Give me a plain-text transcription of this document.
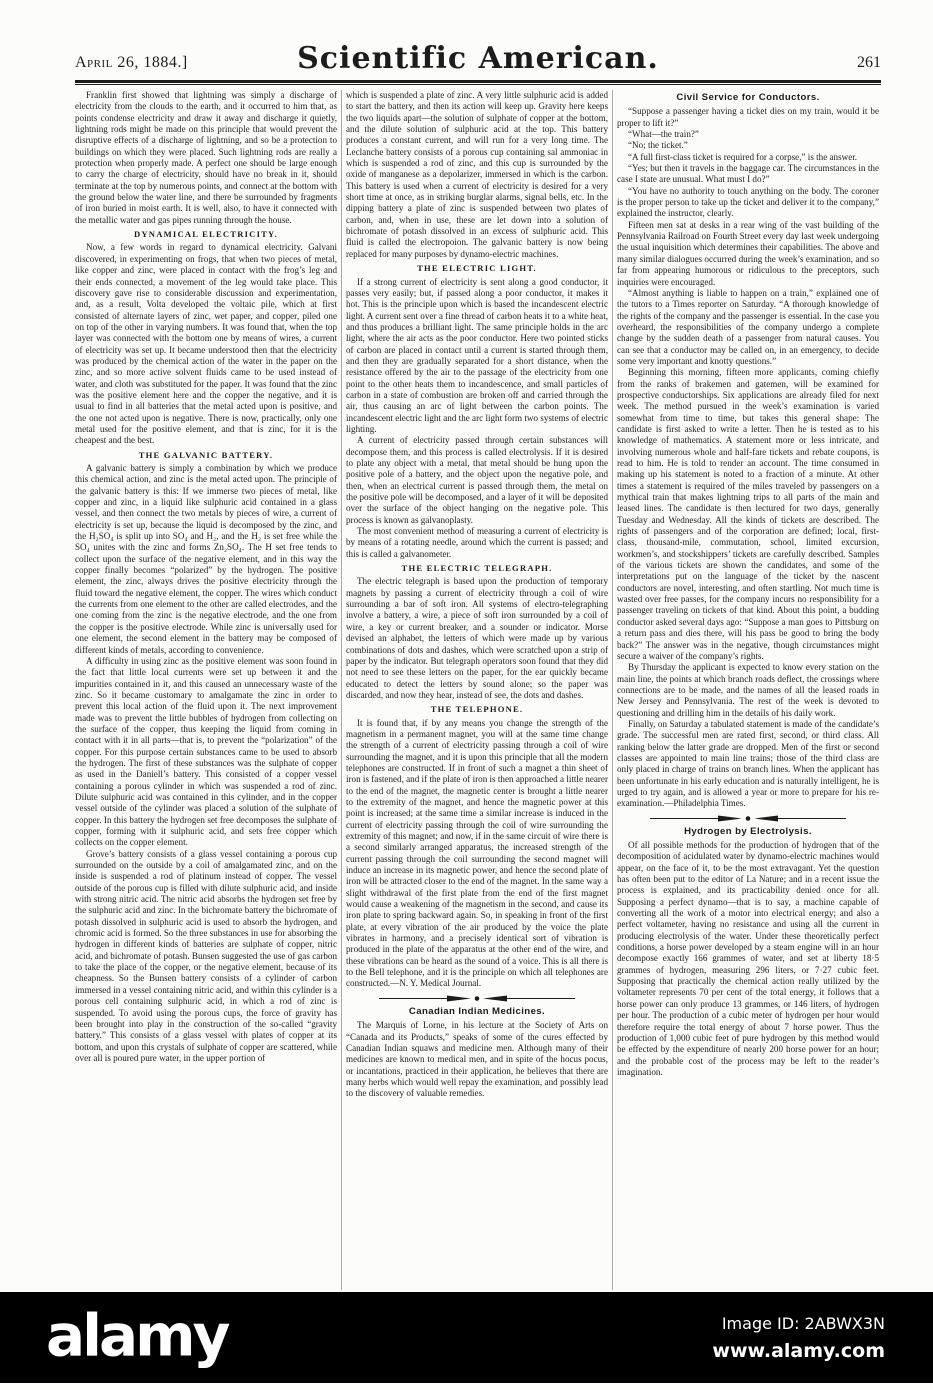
April 26, 1884.]	Scientific American.	261
Franklin first showed that lightning was simply a discharge of electricity from the clouds to the earth, and it occurred to him that, as points condense electricity and draw it away and discharge it quietly, lightning rods might be made on this principle that would prevent the disruptive effects of a discharge of lightning, and so be a protection to buildings on which they were placed. Such lightning rods are really a protection when properly made. A perfect one should be large enough to carry the charge of electricity, should have no break in it, should terminate at the top by numerous points, and connect at the bottom with the ground below the water line, and there be surrounded by fragments of iron buried in moist earth. It is well, also, to have it connected with the metallic water and gas pipes running through the house.
DYNAMICAL ELECTRICITY.
Now, a few words in regard to dynamical electricity. Galvani discovered, in experimenting on frogs, that when two pieces of metal, like copper and zinc, were placed in contact with the frog’s leg and their ends connected, a movement of the leg would take place. This discovery gave rise to considerable discussion and experimentation, and, as a result, Volta developed the voltaic pile, which at first consisted of alternate layers of zinc, wet paper, and copper, piled one on top of the other in varying numbers. It was found that, when the top layer was connected with the bottom one by means of wires, a current of electricity was set up. It became understood then that the electricity was produced by the chemical action of the water in the paper on the zinc, and so more active solvent fluids came to be used instead of water, and cloth was substituted for the paper. It was found that the zinc was the positive element here and the copper the negative, and it is usual to find in all batteries that the metal acted upon is positive, and the one not acted upon is negative. There is now, practically, only one metal used for the positive element, and that is zinc, for it is the cheapest and the best.
THE GALVANIC BATTERY.
A galvanic battery is simply a combination by which we produce this chemical action, and zinc is the metal acted upon. The principle of the galvanic battery is this: If we immerse two pieces of metal, like copper and zinc, in a liquid like sulphuric acid contained in a glass vessel, and then connect the two metals by pieces of wire, a current of electricity is set up, because the liquid is decomposed by the zinc, and the H₂SO₄ is split up into SO₄ and H₂, and the H₂ is set free while the SO₄ unites with the zinc and forms Zn₂SO₄. The H set free tends to collect upon the surface of the negative element, and in this way the copper finally becomes “polarized” by the hydrogen. The positive element, the zinc, always drives the positive electricity through the fluid toward the negative element, the copper. The wires which conduct the currents from one element to the other are called electrodes, and the one coming from the zinc is the negative electrode, and the one from the copper is the positive electrode. While zinc is universally used for one element, the second element in the battery may be composed of different kinds of metals, according to convenience.
A difficulty in using zinc as the positive element was soon found in the fact that little local currents were set up between it and the impurities contained in it, and this caused an unnecessary waste of the zinc. So it became customary to amalgamate the zinc in order to prevent this local action of the fluid upon it. The next improvement made was to prevent the little bubbles of hydrogen from collecting on the surface of the copper, thus keeping the liquid from coming in contact with it in all parts—that is, to prevent the “polarization” of the copper. For this purpose certain substances came to be used to absorb the hydrogen. The first of these substances was the sulphate of copper as used in the Daniell’s battery. This consisted of a copper vessel containing a porous cylinder in which was suspended a rod of zinc. Dilute sulphuric acid was contained in this cylinder, and in the copper vessel outside of the cylinder was placed a solution of the sulphate of copper. In this battery the hydrogen set free decomposes the sulphate of copper, forming with it sulphuric acid, and sets free copper which collects on the copper element.
Grove’s battery consists of a glass vessel containing a porous cup surrounded on the outside by a coil of amalgamated zinc, and on the inside is suspended a rod of platinum instead of copper. The vessel outside of the porous cup is filled with dilute sulphuric acid, and inside with strong nitric acid. The nitric acid absorbs the hydrogen set free by the sulphuric acid and zinc. In the bichromate battery the bichromate of potash dissolved in sulphuric acid is used to absorb the hydrogen, and chromic acid is formed. So the three substances in use for absorbing the hydrogen in different kinds of batteries are sulphate of copper, nitric acid, and bichromate of potash. Bunsen suggested the use of gas carbon to take the place of the copper, or the negative element, because of its cheapness. So the Bunsen battery consists of a cylinder of carbon immersed in a vessel containing nitric acid, and within this cylinder is a porous cell containing sulphuric acid, in which a rod of zinc is suspended. To avoid using the porous cups, the force of gravity has been brought into play in the construction of the so-called “gravity battery.” This consists of a glass vessel with plates of copper at its bottom, and upon this crystals of sulphate of copper are scattered, while over all is poured pure water, in the upper portion of
which is suspended a plate of zinc. A very little sulphuric acid is added to start the battery, and then its action will keep up. Gravity here keeps the two liquids apart—the solution of sulphate of copper at the bottom, and the dilute solution of sulphuric acid at the top. This battery produces a constant current, and will run for a very long time. The Leclanche battery consists of a porous cup containing sal ammoniac in which is suspended a rod of zinc, and this cup is surrounded by the oxide of manganese as a depolarizer, immersed in which is the carbon. This battery is used when a current of electricity is desired for a very short time at once, as in striking burglar alarms, signal bells, etc. In the dipping battery a plate of zinc is suspended between two plates of carbon, and, when in use, these are let down into a solution of bichromate of potash dissolved in an excess of sulphuric acid. This fluid is called the electropoion. The galvanic battery is now being replaced for many purposes by dynamo-electric machines.
THE ELECTRIC LIGHT.
If a strong current of electricity is sent along a good conductor, it passes very easily; but, if passed along a poor conductor, it makes it hot. This is the principle upon which is based the incandescent electric light. A current sent over a fine thread of carbon heats it to a white heat, and thus produces a brilliant light. The same principle holds in the arc light, where the air acts as the poor conductor. Here two pointed sticks of carbon are placed in contact until a current is started through them, and then they are gradually separated for a short distance, when the resistance offered by the air to the passage of the electricity from one point to the other heats them to incandescence, and small particles of carbon in a state of combustion are broken off and carried through the air, thus causing an arc of light between the carbon points. The incandescent electric light and the arc light form two systems of electric lighting.
A current of electricity passed through certain substances will decompose them, and this process is called electrolysis. If it is desired to plate any object with a metal, that metal should be hung upon the positive pole of a battery, and the object upon the negative pole, and then, when an electrical current is passed through them, the metal on the positive pole will be decomposed, and a layer of it will be deposited over the surface of the object hanging on the negative pole. This process is known as galvanoplasty.
The most convenient method of measuring a current of electricity is by means of a rotating needle, around which the current is passed; and this is called a galvanometer.
THE ELECTRIC TELEGRAPH.
The electric telegraph is based upon the production of temporary magnets by passing a current of electricity through a coil of wire surrounding a bar of soft iron. All systems of electro-telegraphing involve a battery, a wire, a piece of soft iron surrounded by a coil of wire, a key or current breaker, and a sounder or indicator. Morse devised an alphabet, the letters of which were made up by various combinations of dots and dashes, which were scratched upon a strip of paper by the indicator. But telegraph operators soon found that they did not need to see these letters on the paper, for the ear quickly became educated to detect the letters by sound alone; so the paper was discarded, and now they hear, instead of see, the dots and dashes.
THE TELEPHONE.
It is found that, if by any means you change the strength of the magnetism in a permanent magnet, you will at the same time change the strength of a current of electricity passing through a coil of wire surrounding the magnet, and it is upon this principle that all the modern telephones are constructed. If in front of such a magnet a thin sheet of iron is fastened, and if the plate of iron is then approached a little nearer to the end of the magnet, the magnetic center is brought a little nearer to the extremity of the magnet, and hence the magnetic power at this point is increased; at the same time a similar increase is induced in the current of electricity passing through the coil of wire surrounding the extremity of this magnet; and now, if in the same circuit of wire there is a second similarly arranged apparatus, the increased strength of the current passing through the coil surrounding the second magnet will induce an increase in its magnetic power, and hence the second plate of iron will be attracted closer to the end of the magnet. In the same way a slight withdrawal of the first plate from the end of the first magnet would cause a weakening of the magnetism in the second, and cause its iron plate to spring backward again. So, in speaking in front of the first plate, at every vibration of the air produced by the voice the plate vibrates in harmony, and a precisely identical sort of vibration is produced in the plate of the apparatus at the other end of the wire, and these vibrations can be heard as the sound of a voice. This is all there is to the Bell telephone, and it is the principle on which all telephones are constructed.—N. Y. Medical Journal.
Canadian Indian Medicines.
The Marquis of Lorne, in his lecture at the Society of Arts on “Canada and its Products,” speaks of some of the cures effected by Canadian Indian squaws and medicine men. Although many of their medicines are known to medical men, and in spite of the hocus pocus, or incantations, practiced in their application, he believes that there are many herbs which would well repay the examination, and possibly lead to the discovery of valuable remedies.
Civil Service for Conductors.
“Suppose a passenger having a ticket dies on my train, would it be proper to lift it?”
“What—the train?”
“No; the ticket.”
“A full first-class ticket is required for a corpse,” is the answer.
“Yes; but then it travels in the baggage car. The circumstances in the case I state are unusual. What must I do?”
“You have no authority to touch anything on the body. The coroner is the proper person to take up the ticket and deliver it to the company,” explained the instructor, clearly.
Fifteen men sat at desks in a rear wing of the vast building of the Pennsylvania Railroad on Fourth Street every day last week undergoing the usual inquisition which determines their capabilities. The above and many similar dialogues occurred during the week’s examination, and so far from appearing humorous or ridiculous to the preceptors, such inquiries were encouraged.
“Almost anything is liable to happen on a train,” explained one of the tutors to a Times reporter on Saturday. “A thorough knowledge of the rights of the company and the passenger is essential. In the case you overheard, the responsibilities of the company undergo a complete change by the sudden death of a passenger from natural causes. You can see that a conductor may be called on, in an emergency, to decide some very important and knotty questions.”
Beginning this morning, fifteen more applicants, coming chiefly from the ranks of brakemen and gatemen, will be examined for prospective conductorships. Six applications are already filed for next week. The method pursued in the week’s examination is varied somewhat from time to time, but takes this general shape: The candidate is first asked to write a letter. Then he is tested as to his knowledge of mathematics. A statement more or less intricate, and involving numerous whole and half-fare tickets and rebate coupons, is read to him. He is told to render an account. The time consumed in making up his statement is noted to a fraction of a minute. At other times a statement is required of the miles traveled by passengers on a mythical train that makes lightning trips to all parts of the main and leased lines. The candidate is then lectured for two days, generally Tuesday and Wednesday. All the kinds of tickets are described. The rights of passengers and of the corporation are defined; local, first-class, thousand-mile, commutation, school, limited excursion, workmen’s, and stockshippers’ tickets are carefully described. Samples of the various tickets are shown the candidates, and some of the interpretations put on the language of the ticket by the nascent conductors are novel, interesting, and often startling. Not much time is wasted over free passes, for the company incurs no responsibility for a passenger traveling on tickets of that kind. About this point, a budding conductor asked several days ago: “Suppose a man goes to Pittsburg on a return pass and dies there, will his pass be good to bring the body back?” The answer was in the negative, though circumstances might secure a waiver of the company’s rights.
By Thursday the applicant is expected to know every station on the main line, the points at which branch roads deflect, the crossings where connections are to be made, and the names of all the leased roads in New Jersey and Pennsylvania. The rest of the week is devoted to questioning and drilling him in the details of his daily work.
Finally, on Saturday a tabulated statement is made of the candidate’s grade. The successful men are rated first, second, or third class. All ranking below the latter grade are dropped. Men of the first or second classes are appointed to main line trains; those of the third class are only placed in charge of trains on branch lines. When the applicant has been unfortunate in his early education and is naturally intelligent, he is urged to try again, and is allowed a year or more to prepare for his re-examination.—Philadelphia Times.
Hydrogen by Electrolysis.
Of all possible methods for the production of hydrogen that of the decomposition of acidulated water by dynamo-electric machines would appear, on the face of it, to be the most extravagant. Yet the question has often been put to the editor of La Nature; and in a recent issue the process is explained, and its practicability denied once for all. Supposing a perfect dynamo—that is to say, a machine capable of converting all the work of a motor into electrical energy; and also a perfect voltameter, having no resistance and using all the current in producing electrolysis of the water. Under these theoretically perfect conditions, a horse power developed by a steam engine will in an hour decompose exactly 166 grammes of water, and set at liberty 18·5 grammes of hydrogen, measuring 296 liters, or 7·27 cubic feet. Supposing that practically the chemical action really utilized by the voltameter represents 70 per cent of the total energy, it follows that a horse power can only produce 13 grammes, or 146 liters, of hydrogen per hour. The production of a cubic meter of hydrogen per hour would therefore require the total energy of about 7 horse power. Thus the production of 1,000 cubic feet of pure hydrogen by this method would be effected by the expenditure of nearly 200 horse power for an hour; and the probable cost of the process may be left to the reader’s imagination.
alamy	Image ID: 2ABWX3N
www.alamy.com
